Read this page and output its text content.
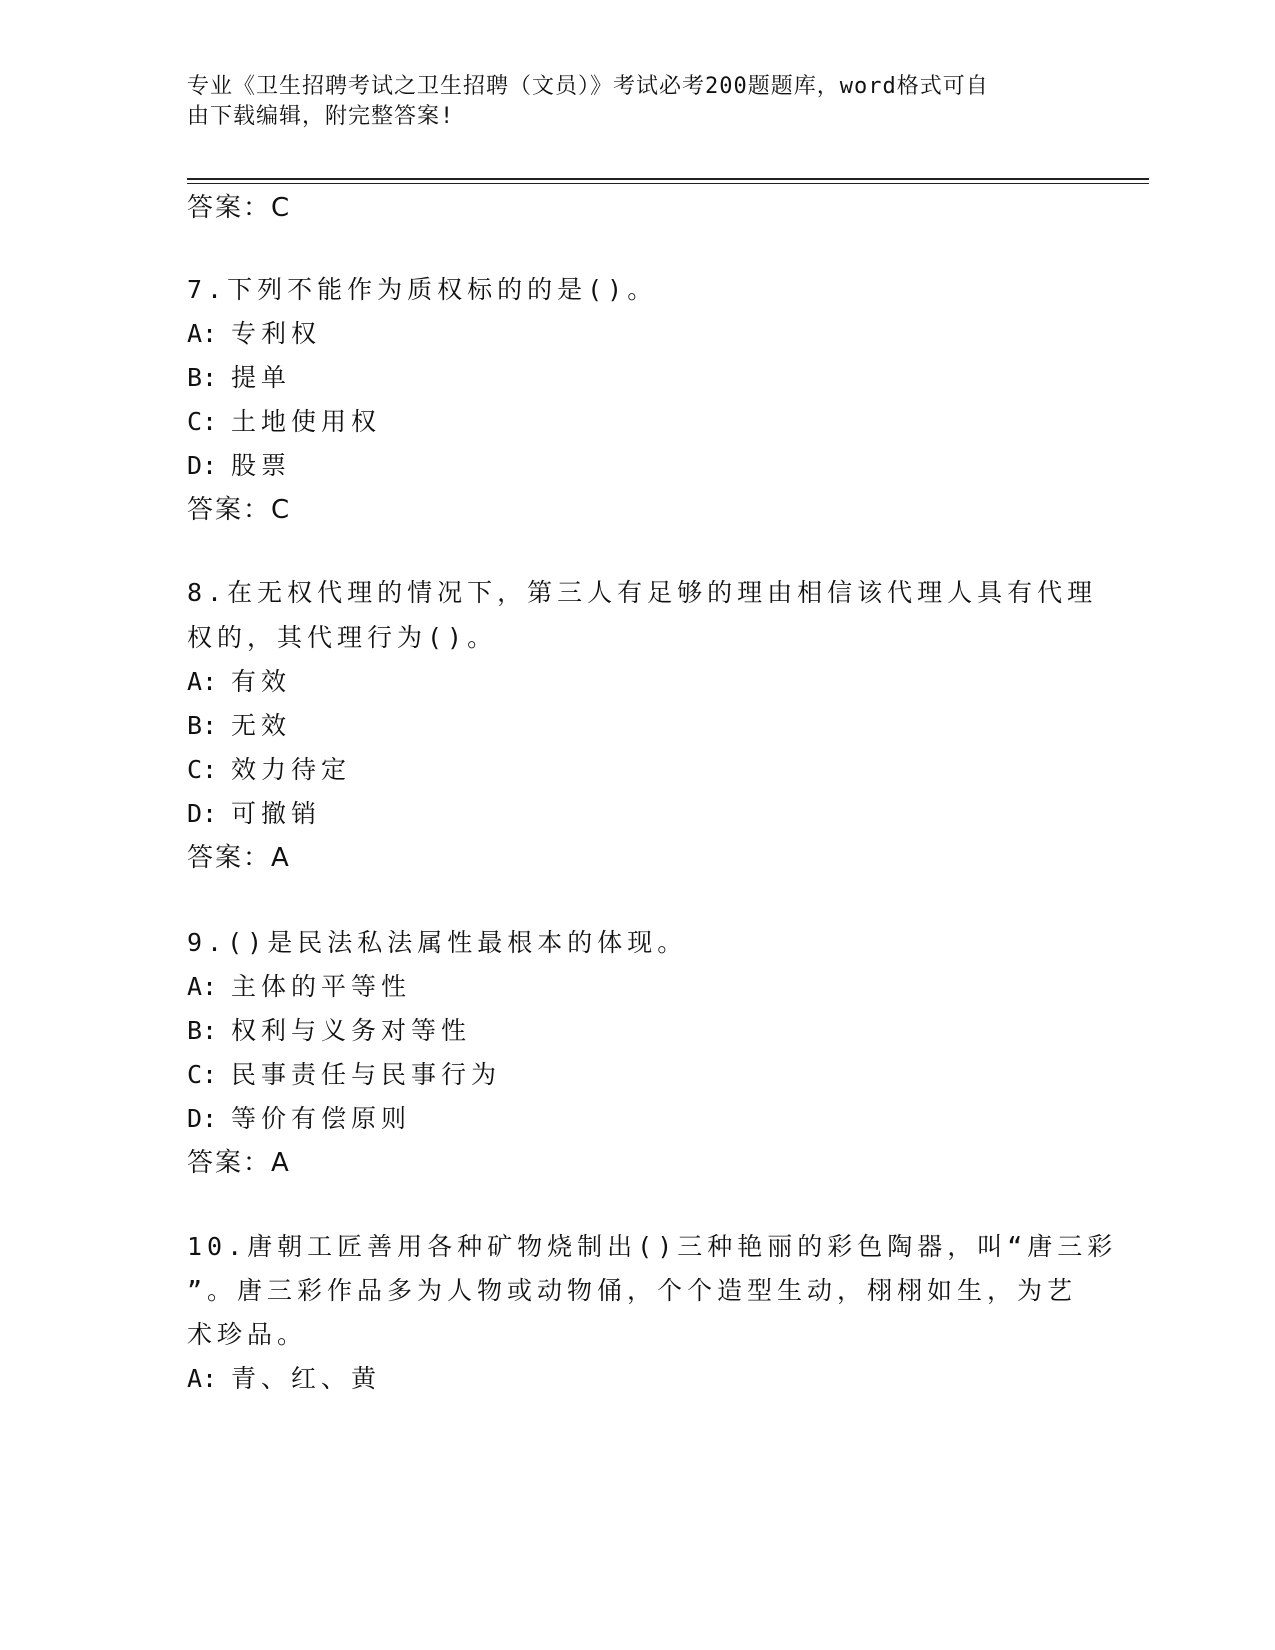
专业《卫生招聘考试之卫生招聘（文员）》考试必考200题题库，word格式可自
由下载编辑，附完整答案!
答案：C
7.下列不能作为质权标的的是()。
A: 专利权
B: 提单
C: 土地使用权
D: 股票
答案：C
8.在无权代理的情况下，第三人有足够的理由相信该代理人具有代理
权的，其代理行为()。
A: 有效
B: 无效
C: 效力待定
D: 可撤销
答案：A
9.()是民法私法属性最根本的体现。
A: 主体的平等性
B: 权利与义务对等性
C: 民事责任与民事行为
D: 等价有偿原则
答案：A
10.唐朝工匠善用各种矿物烧制出()三种艳丽的彩色陶器，叫“唐三彩
”。唐三彩作品多为人物或动物俑，个个造型生动，栩栩如生，为艺
术珍品。
A: 青、红、黄
